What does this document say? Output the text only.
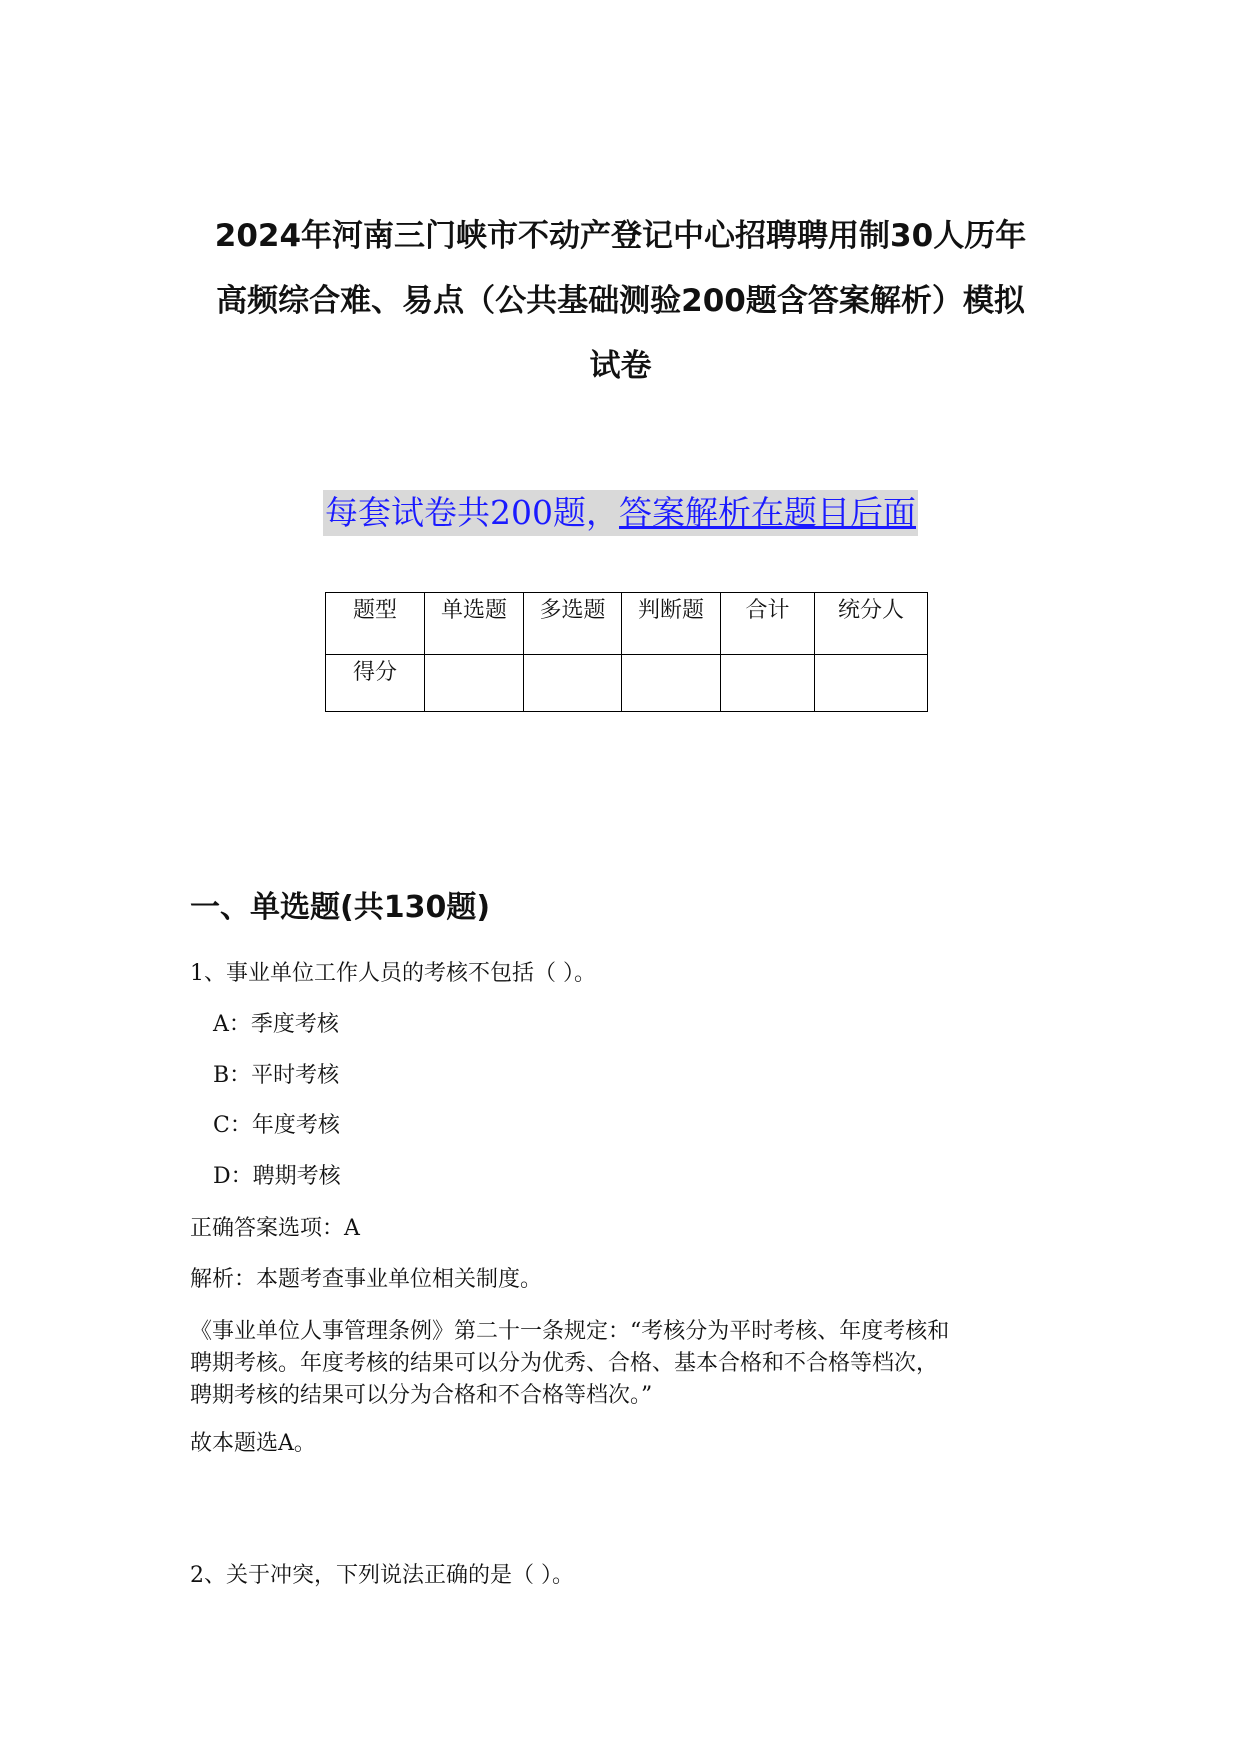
2024年河南三门峡市不动产登记中心招聘聘用制30人历年
高频综合难、易点（公共基础测验200题含答案解析）模拟
试卷
每套试卷共200题，答案解析在题目后面
题型	单选题	多选题	判断题	合计	统分人

得分					

一、单选题(共130题)
1、事业单位工作人员的考核不包括（ ）。
A：季度考核
B：平时考核
C：年度考核
D：聘期考核
正确答案选项：A
解析：本题考查事业单位相关制度。
《事业单位人事管理条例》第二十一条规定：“考核分为平时考核、年度考核和
聘期考核。年度考核的结果可以分为优秀、合格、基本合格和不合格等档次，
聘期考核的结果可以分为合格和不合格等档次。”
故本题选A。
2、关于冲突，下列说法正确的是（ ）。
